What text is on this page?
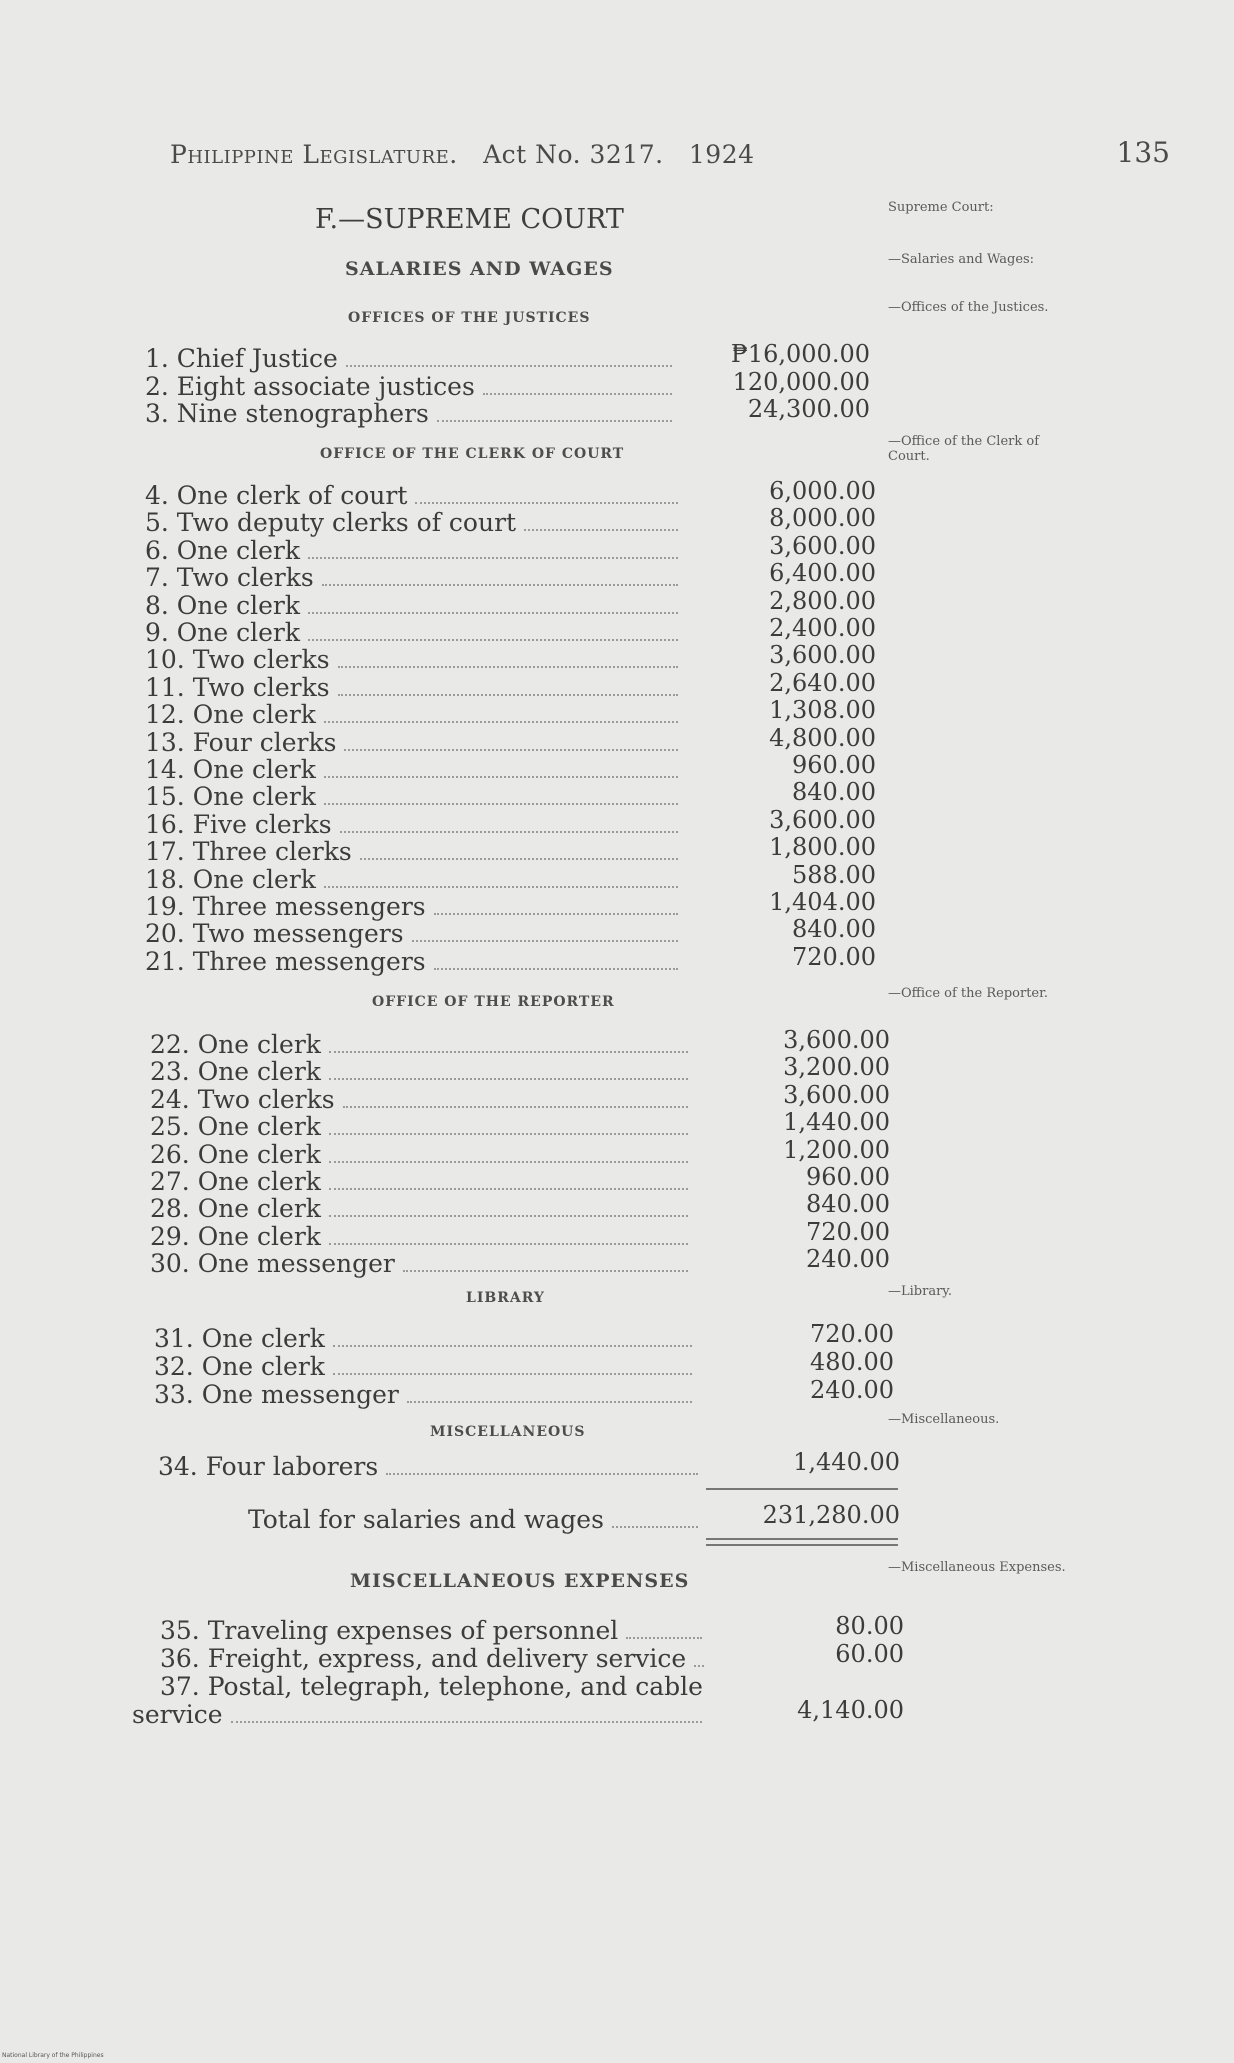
Philippine Legislature. Act No. 3217. 1924	135
F.—SUPREME COURT
SALARIES AND WAGES
Supreme Court:
—Salaries and Wages:
—Offices of the Justices.
—Office of the Clerk of Court.
—Office of the Reporter.
—Library.
—Miscellaneous.
—Miscellaneous Expenses.
OFFICES OF THE JUSTICES
OFFICE OF THE CLERK OF COURT
OFFICE OF THE REPORTER
LIBRARY
MISCELLANEOUS
MISCELLANEOUS EXPENSES
1. Chief Justice	₱16,000.00
2. Eight associate justices	120,000.00
3. Nine stenographers	24,300.00
4. One clerk of court	6,000.00
5. Two deputy clerks of court	8,000.00
6. One clerk	3,600.00
7. Two clerks	6,400.00
8. One clerk	2,800.00
9. One clerk	2,400.00
10. Two clerks	3,600.00
11. Two clerks	2,640.00
12. One clerk	1,308.00
13. Four clerks	4,800.00
14. One clerk	960.00
15. One clerk	840.00
16. Five clerks	3,600.00
17. Three clerks	1,800.00
18. One clerk	588.00
19. Three messengers	1,404.00
20. Two messengers	840.00
21. Three messengers	720.00
22. One clerk	3,600.00
23. One clerk	3,200.00
24. Two clerks	3,600.00
25. One clerk	1,440.00
26. One clerk	1,200.00
27. One clerk	960.00
28. One clerk	840.00
29. One clerk	720.00
30. One messenger	240.00
31. One clerk	720.00
32. One clerk	480.00
33. One messenger	240.00
34. Four laborers	1,440.00
Total for salaries and wages	231,280.00
35. Traveling expenses of personnel	80.00
36. Freight, express, and delivery service	60.00
37. Postal, telegraph, telephone, and cable
service	4,140.00
National Library of the Philippines
